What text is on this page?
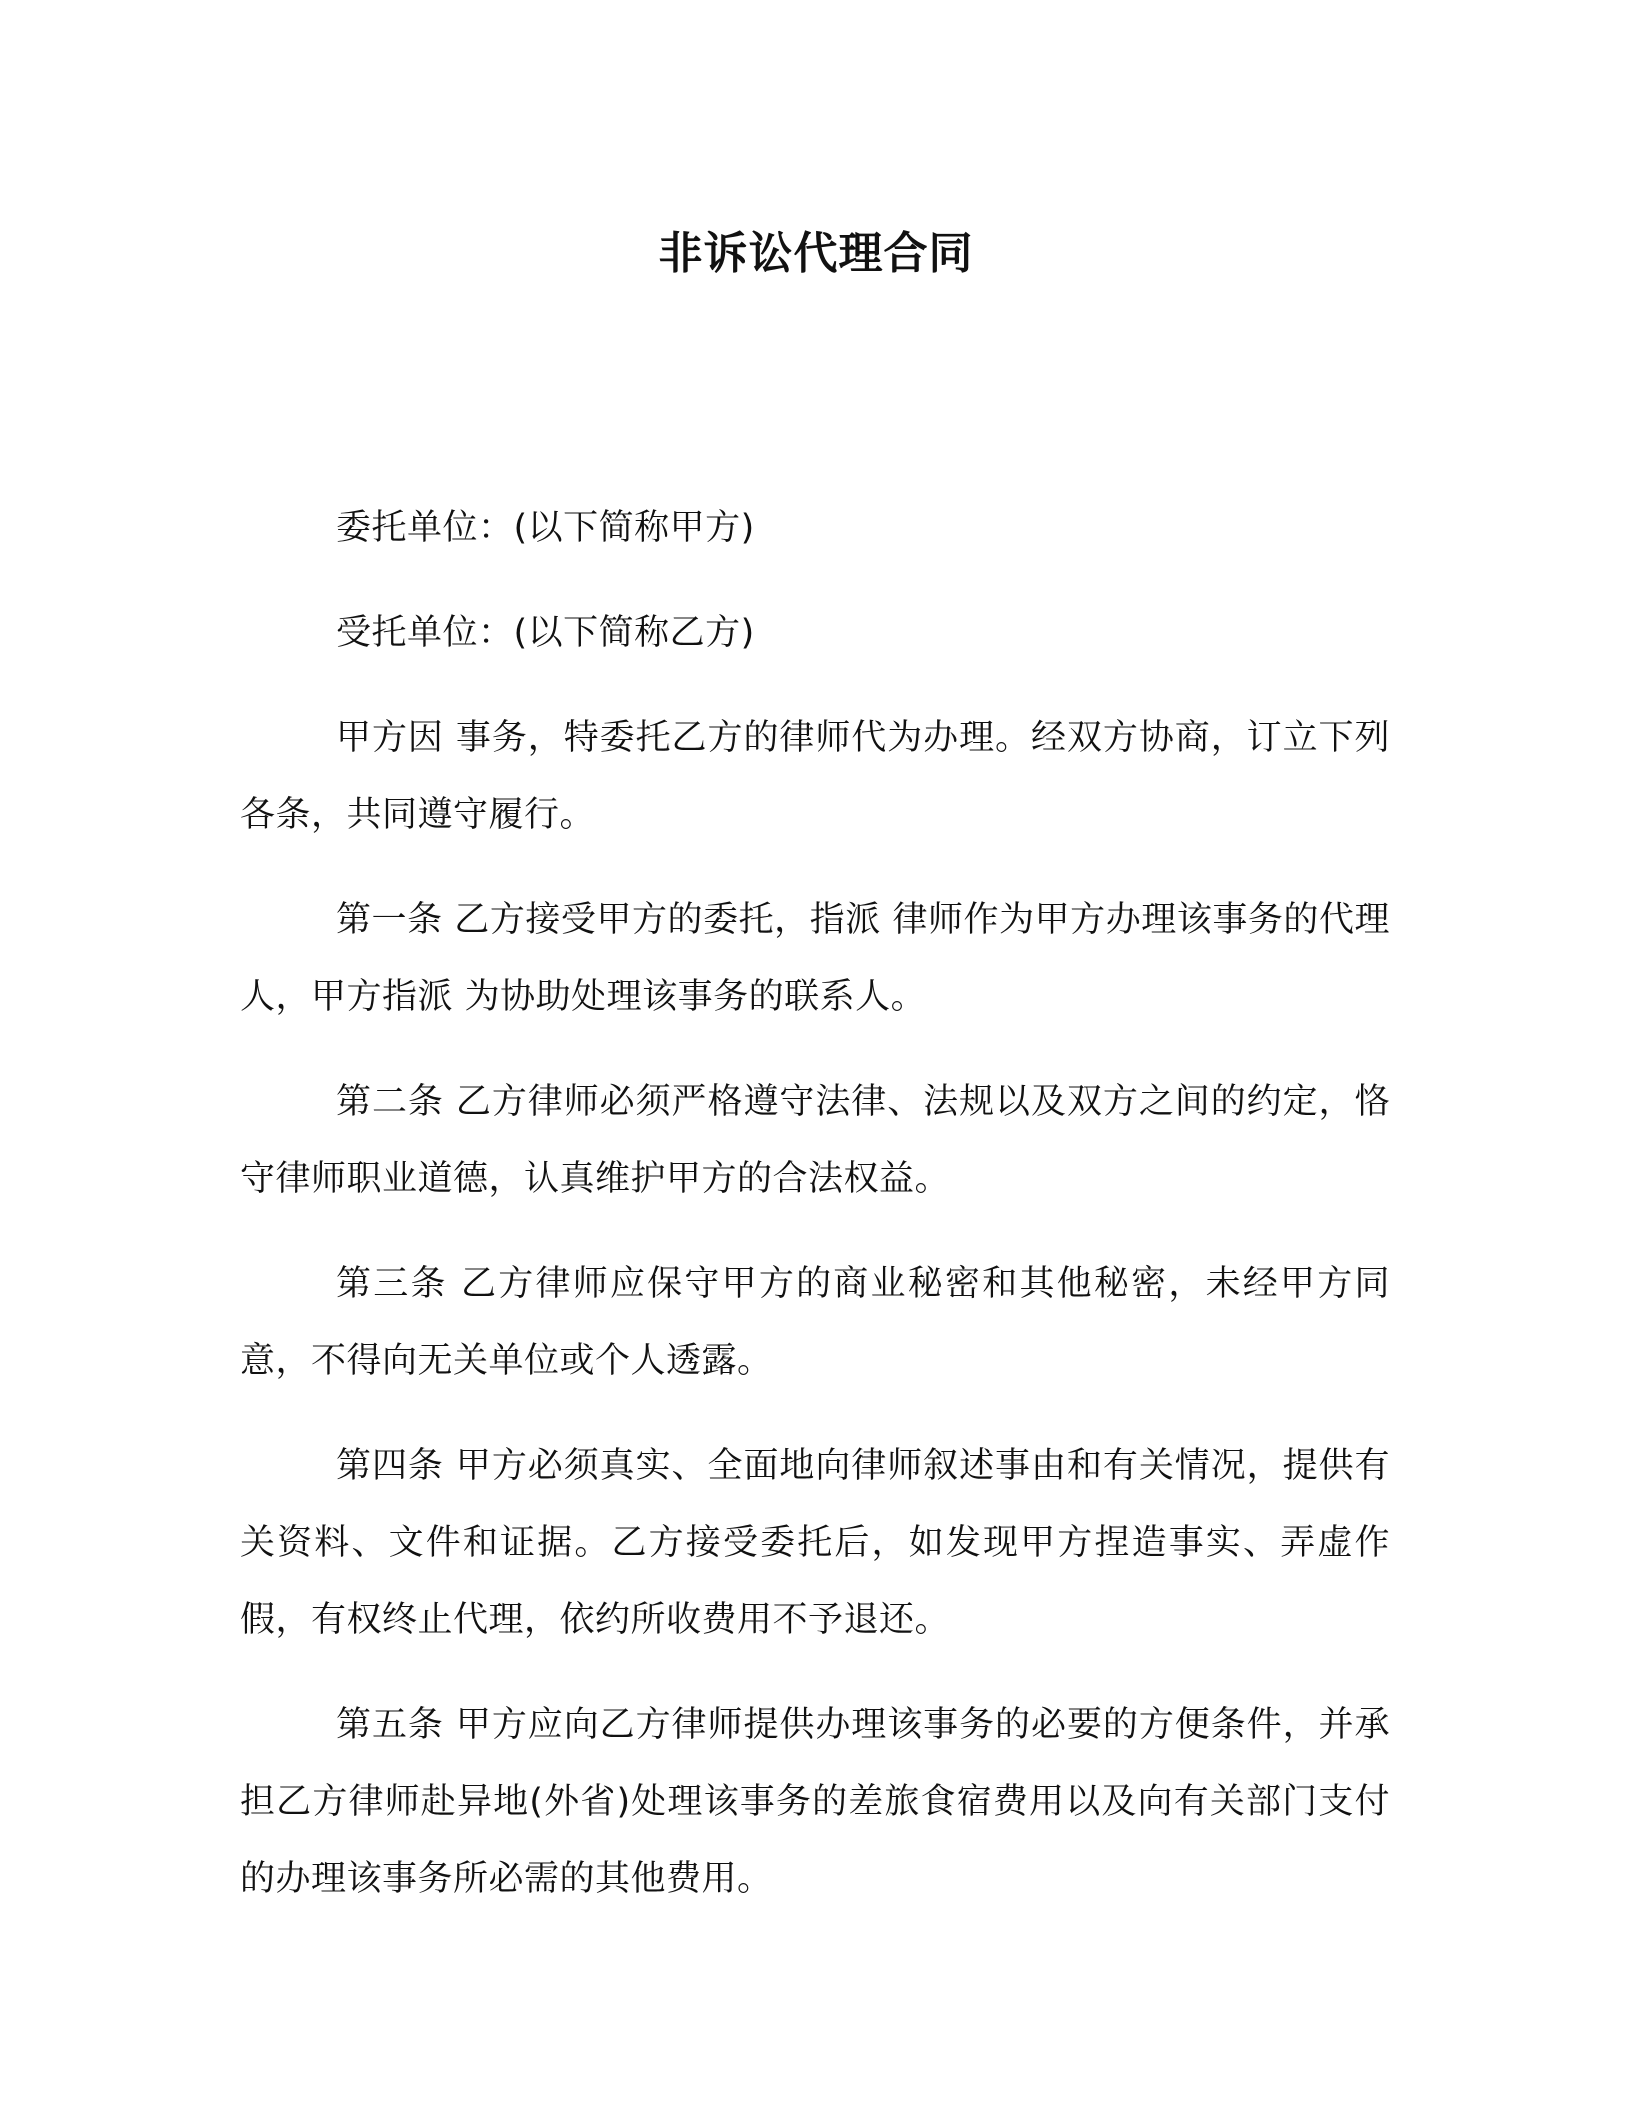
非诉讼代理合同

委托单位：(以下简称甲方)

受托单位：(以下简称乙方)

甲方因 事务，特委托乙方的律师代为办理。经双方协商，订立下列各条，共同遵守履行。

第一条 乙方接受甲方的委托，指派 律师作为甲方办理该事务的代理人，甲方指派 为协助处理该事务的联系人。

第二条 乙方律师必须严格遵守法律、法规以及双方之间的约定，恪守律师职业道德，认真维护甲方的合法权益。

第三条 乙方律师应保守甲方的商业秘密和其他秘密，未经甲方同意，不得向无关单位或个人透露。

第四条 甲方必须真实、全面地向律师叙述事由和有关情况，提供有关资料、文件和证据。乙方接受委托后，如发现甲方捏造事实、弄虚作假，有权终止代理，依约所收费用不予退还。

第五条 甲方应向乙方律师提供办理该事务的必要的方便条件，并承担乙方律师赴异地(外省)处理该事务的差旅食宿费用以及向有关部门支付的办理该事务所必需的其他费用。
